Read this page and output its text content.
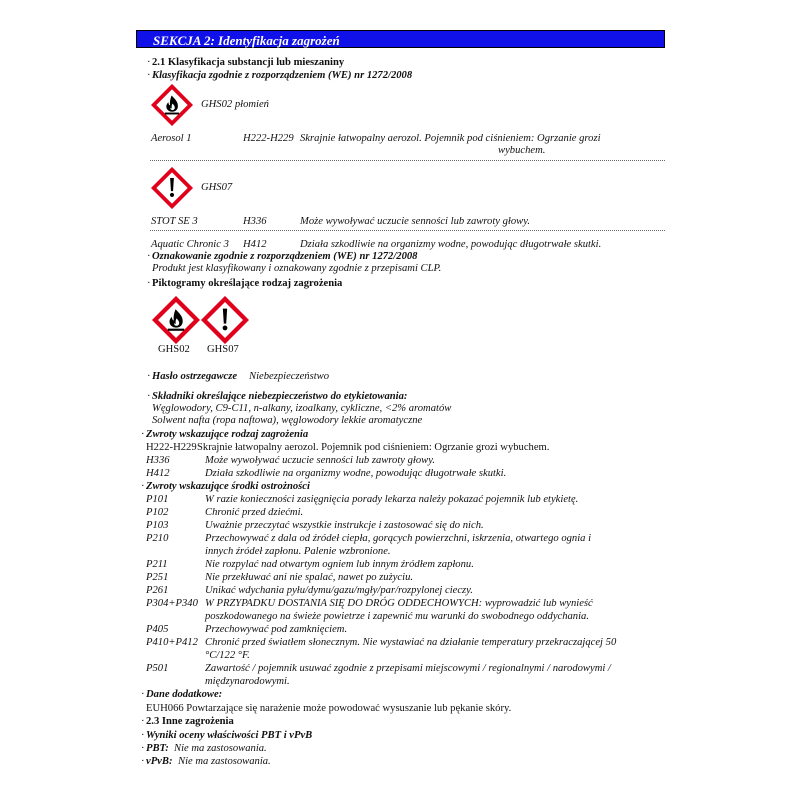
SEKCJA 2: Identyfikacja zagrożeń
· 2.1 Klasyfikacja substancji lub mieszaniny
· Klasyfikacja zgodnie z rozporządzeniem (WE) nr 1272/2008
GHS02 płomień
Aerosol 1	H222-H229 Skrajnie łatwopalny aerozol. Pojemnik pod ciśnieniem: Ogrzanie grozi
wybuchem.
GHS07
STOT SE 3	H336	Może wywoływać uczucie senności lub zawroty głowy.
Aquatic Chronic 3 H412	Działa szkodliwie na organizmy wodne, powodując długotrwałe skutki.
· Oznakowanie zgodnie z rozporządzeniem (WE) nr 1272/2008
Produkt jest klasyfikowany i oznakowany zgodnie z przepisami CLP.
· Piktogramy określające rodzaj zagrożenia
GHS02 GHS07
· Hasło ostrzegawcze Niebezpieczeństwo
· Składniki określające niebezpieczeństwo do etykietowania:
Węglowodory, C9-C11, n-alkany, izoalkany, cykliczne, <2% aromatów
Solwent nafta (ropa naftowa), węglowodory lekkie aromatyczne
· Zwroty wskazujące rodzaj zagrożenia
H222-H229 Skrajnie łatwopalny aerozol. Pojemnik pod ciśnieniem: Ogrzanie grozi wybuchem.
H336	Może wywoływać uczucie senności lub zawroty głowy.
H412	Działa szkodliwie na organizmy wodne, powodując długotrwałe skutki.
· Zwroty wskazujące środki ostrożności
P101	W razie konieczności zasięgnięcia porady lekarza należy pokazać pojemnik lub etykietę.
P102	Chronić przed dziećmi.
P103	Uważnie przeczytać wszystkie instrukcje i zastosować się do nich.
P210	Przechowywać z dala od źródeł ciepła, gorących powierzchni, iskrzenia, otwartego ognia i
innych źródeł zapłonu. Palenie wzbronione.
P211	Nie rozpylać nad otwartym ogniem lub innym źródłem zapłonu.
P251	Nie przekłuwać ani nie spalać, nawet po zużyciu.
P261	Unikać wdychania pyłu/dymu/gazu/mgły/par/rozpylonej cieczy.
P304+P340 W PRZYPADKU DOSTANIA SIĘ DO DRÓG ODDECHOWYCH: wyprowadzić lub wynieść
poszkodowanego na świeże powietrze i zapewnić mu warunki do swobodnego oddychania.
P405	Przechowywać pod zamknięciem.
P410+P412 Chronić przed światłem słonecznym. Nie wystawiać na działanie temperatury przekraczającej 50
°C/122 °F.
P501	Zawartość / pojemnik usuwać zgodnie z przepisami miejscowymi / regionalnymi / narodowymi /
międzynarodowymi.
· Dane dodatkowe:
EUH066 Powtarzające się narażenie może powodować wysuszanie lub pękanie skóry.
· 2.3 Inne zagrożenia
· Wyniki oceny właściwości PBT i vPvB
· PBT: Nie ma zastosowania.
· vPvB: Nie ma zastosowania.
